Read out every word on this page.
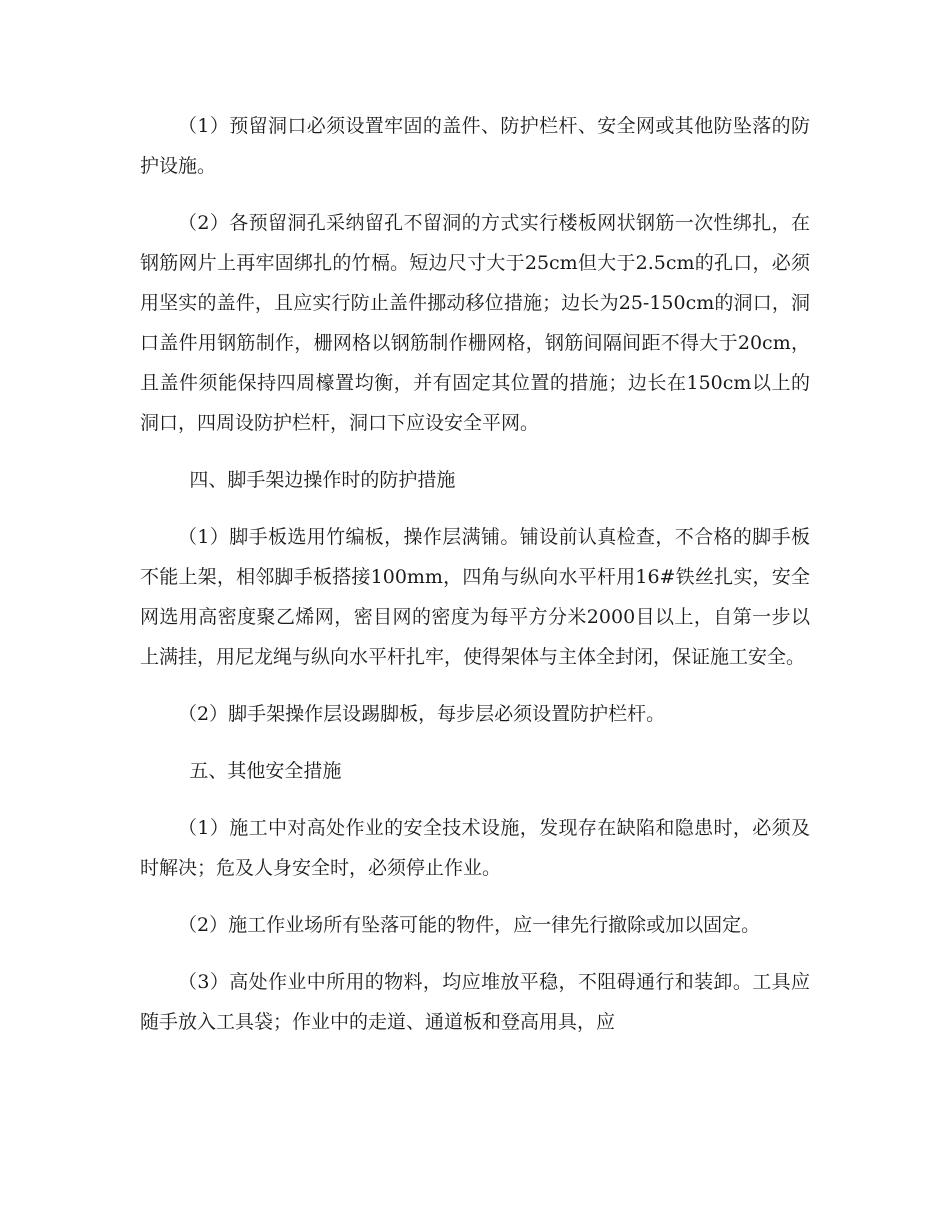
（1）预留洞口必须设置牢固的盖件、防护栏杆、安全网或其他防坠落的防护设施。

（2）各预留洞孔采纳留孔不留洞的方式实行楼板网状钢筋一次性绑扎，在钢筋网片上再牢固绑扎的竹槅。短边尺寸大于25cm但大于2.5cm的孔口，必须用坚实的盖件，且应实行防止盖件挪动移位措施；边长为25-150cm的洞口，洞口盖件用钢筋制作，栅网格以钢筋制作栅网格，钢筋间隔间距不得大于20cm，且盖件须能保持四周檺置均衡，并有固定其位置的措施；边长在150cm以上的洞口，四周设防护栏杆，洞口下应设安全平网。

四、脚手架边操作时的防护措施

（1）脚手板选用竹编板，操作层满铺。铺设前认真检查，不合格的脚手板不能上架，相邻脚手板搭接100mm，四角与纵向水平杆用16#铁丝扎实，安全网选用高密度聚乙烯网，密目网的密度为每平方分米2000目以上，自第一步以上满挂，用尼龙绳与纵向水平杆扎牢，使得架体与主体全封闭，保证施工安全。

（2）脚手架操作层设踢脚板，每步层必须设置防护栏杆。

五、其他安全措施

（1）施工中对高处作业的安全技术设施，发现存在缺陷和隐患时，必须及时解决；危及人身安全时，必须停止作业。

（2）施工作业场所有坠落可能的物件，应一律先行撤除或加以固定。

（3）高处作业中所用的物料，均应堆放平稳，不阻碍通行和装卸。工具应随手放入工具袋；作业中的走道、通道板和登高用具，应
